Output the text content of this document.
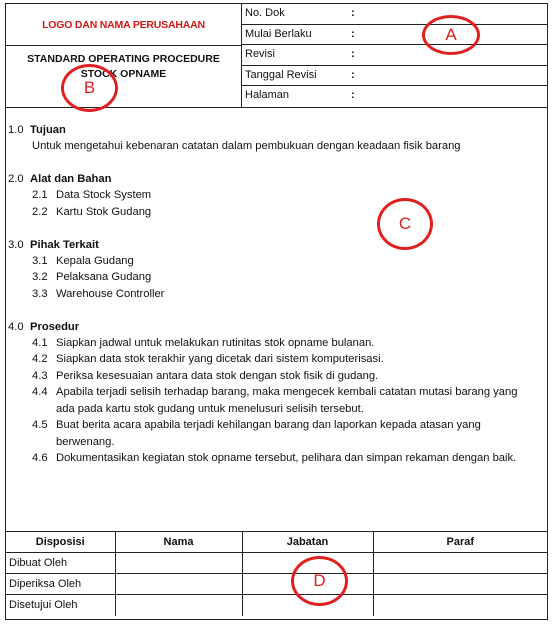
LOGO DAN NAMA PERUSAHAAN
STANDARD OPERATING PROCEDURE
STOCK OPNAME
No. Dok	:
Mulai Berlaku	:
Revisi	:
Tanggal Revisi	:
Halaman	:
1.0 Tujuan
Untuk mengetahui kebenaran catatan dalam pembukuan dengan keadaan fisik barang
2.0 Alat dan Bahan
2.1 Data Stock System
2.2 Kartu Stok Gudang
3.0 Pihak Terkait
3.1 Kepala Gudang
3.2 Pelaksana Gudang
3.3 Warehouse Controller
4.0 Prosedur
4.1 Siapkan jadwal untuk melakukan rutinitas stok opname bulanan.
4.2 Siapkan data stok terakhir yang dicetak dari sistem komputerisasi.
4.3 Periksa kesesuaian antara data stok dengan stok fisik di gudang.
4.4 Apabila terjadi selisih terhadap barang, maka mengecek kembali catatan mutasi barang yang ada pada kartu stok gudang untuk menelusuri selisih tersebut.
4.5 Buat berita acara apabila terjadi kehilangan barang dan laporkan kepada atasan yang berwenang.
4.6 Dokumentasikan kegiatan stok opname tersebut, pelihara dan simpan rekaman dengan baik.
Disposisi	Nama	Jabatan	Paraf
Dibuat Oleh			
Diperiksa Oleh			
Disetujui Oleh			
A
B
C
D
